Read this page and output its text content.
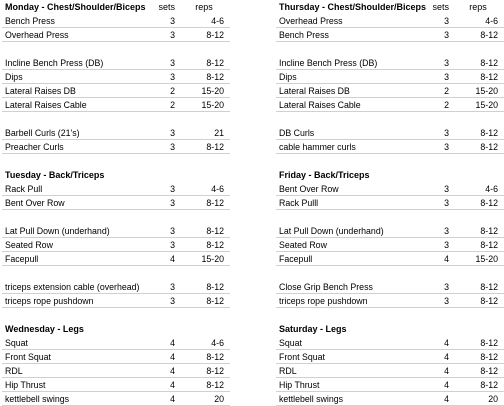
Monday - Chest/Shoulder/Biceps	sets	reps
Bench Press	3	4-6
Overhead Press	3	8-12
Incline Bench Press (DB)	3	8-12
Dips	3	8-12
Lateral Raises DB	2	15-20
Lateral Raises Cable	2	15-20
Barbell Curls (21's)	3	21
Preacher Curls	3	8-12
Tuesday - Back/Triceps
Rack Pull	3	4-6
Bent Over Row	3	8-12
Lat Pull Down (underhand)	3	8-12
Seated Row	3	8-12
Facepull	4	15-20
triceps extension cable (overhead)	3	8-12
triceps rope pushdown	3	8-12
Wednesday - Legs
Squat	4	4-6
Front Squat	4	8-12
RDL	4	8-12
Hip Thrust	4	8-12
kettlebell swings	4	20
Thursday - Chest/Shoulder/Biceps sets	reps
Overhead Press	3	4-6
Bench Press	3	8-12
Incline Bench Press (DB)	3	8-12
Dips	3	8-12
Lateral Raises DB	2	15-20
Lateral Raises Cable	2	15-20
DB Curls	3	8-12
cable hammer curls	3	8-12
Friday - Back/Triceps
Bent Over Row	3	4-6
Rack Pulll	3	8-12
Lat Pull Down (underhand)	3	8-12
Seated Row	3	8-12
Facepull	4	15-20
Close Grip Bench Press	3	8-12
triceps rope pushdown	3	8-12
Saturday - Legs
Squat	4	8-12
Front Squat	4	8-12
RDL	4	8-12
Hip Thrust	4	8-12
kettlebell swings	4	20
